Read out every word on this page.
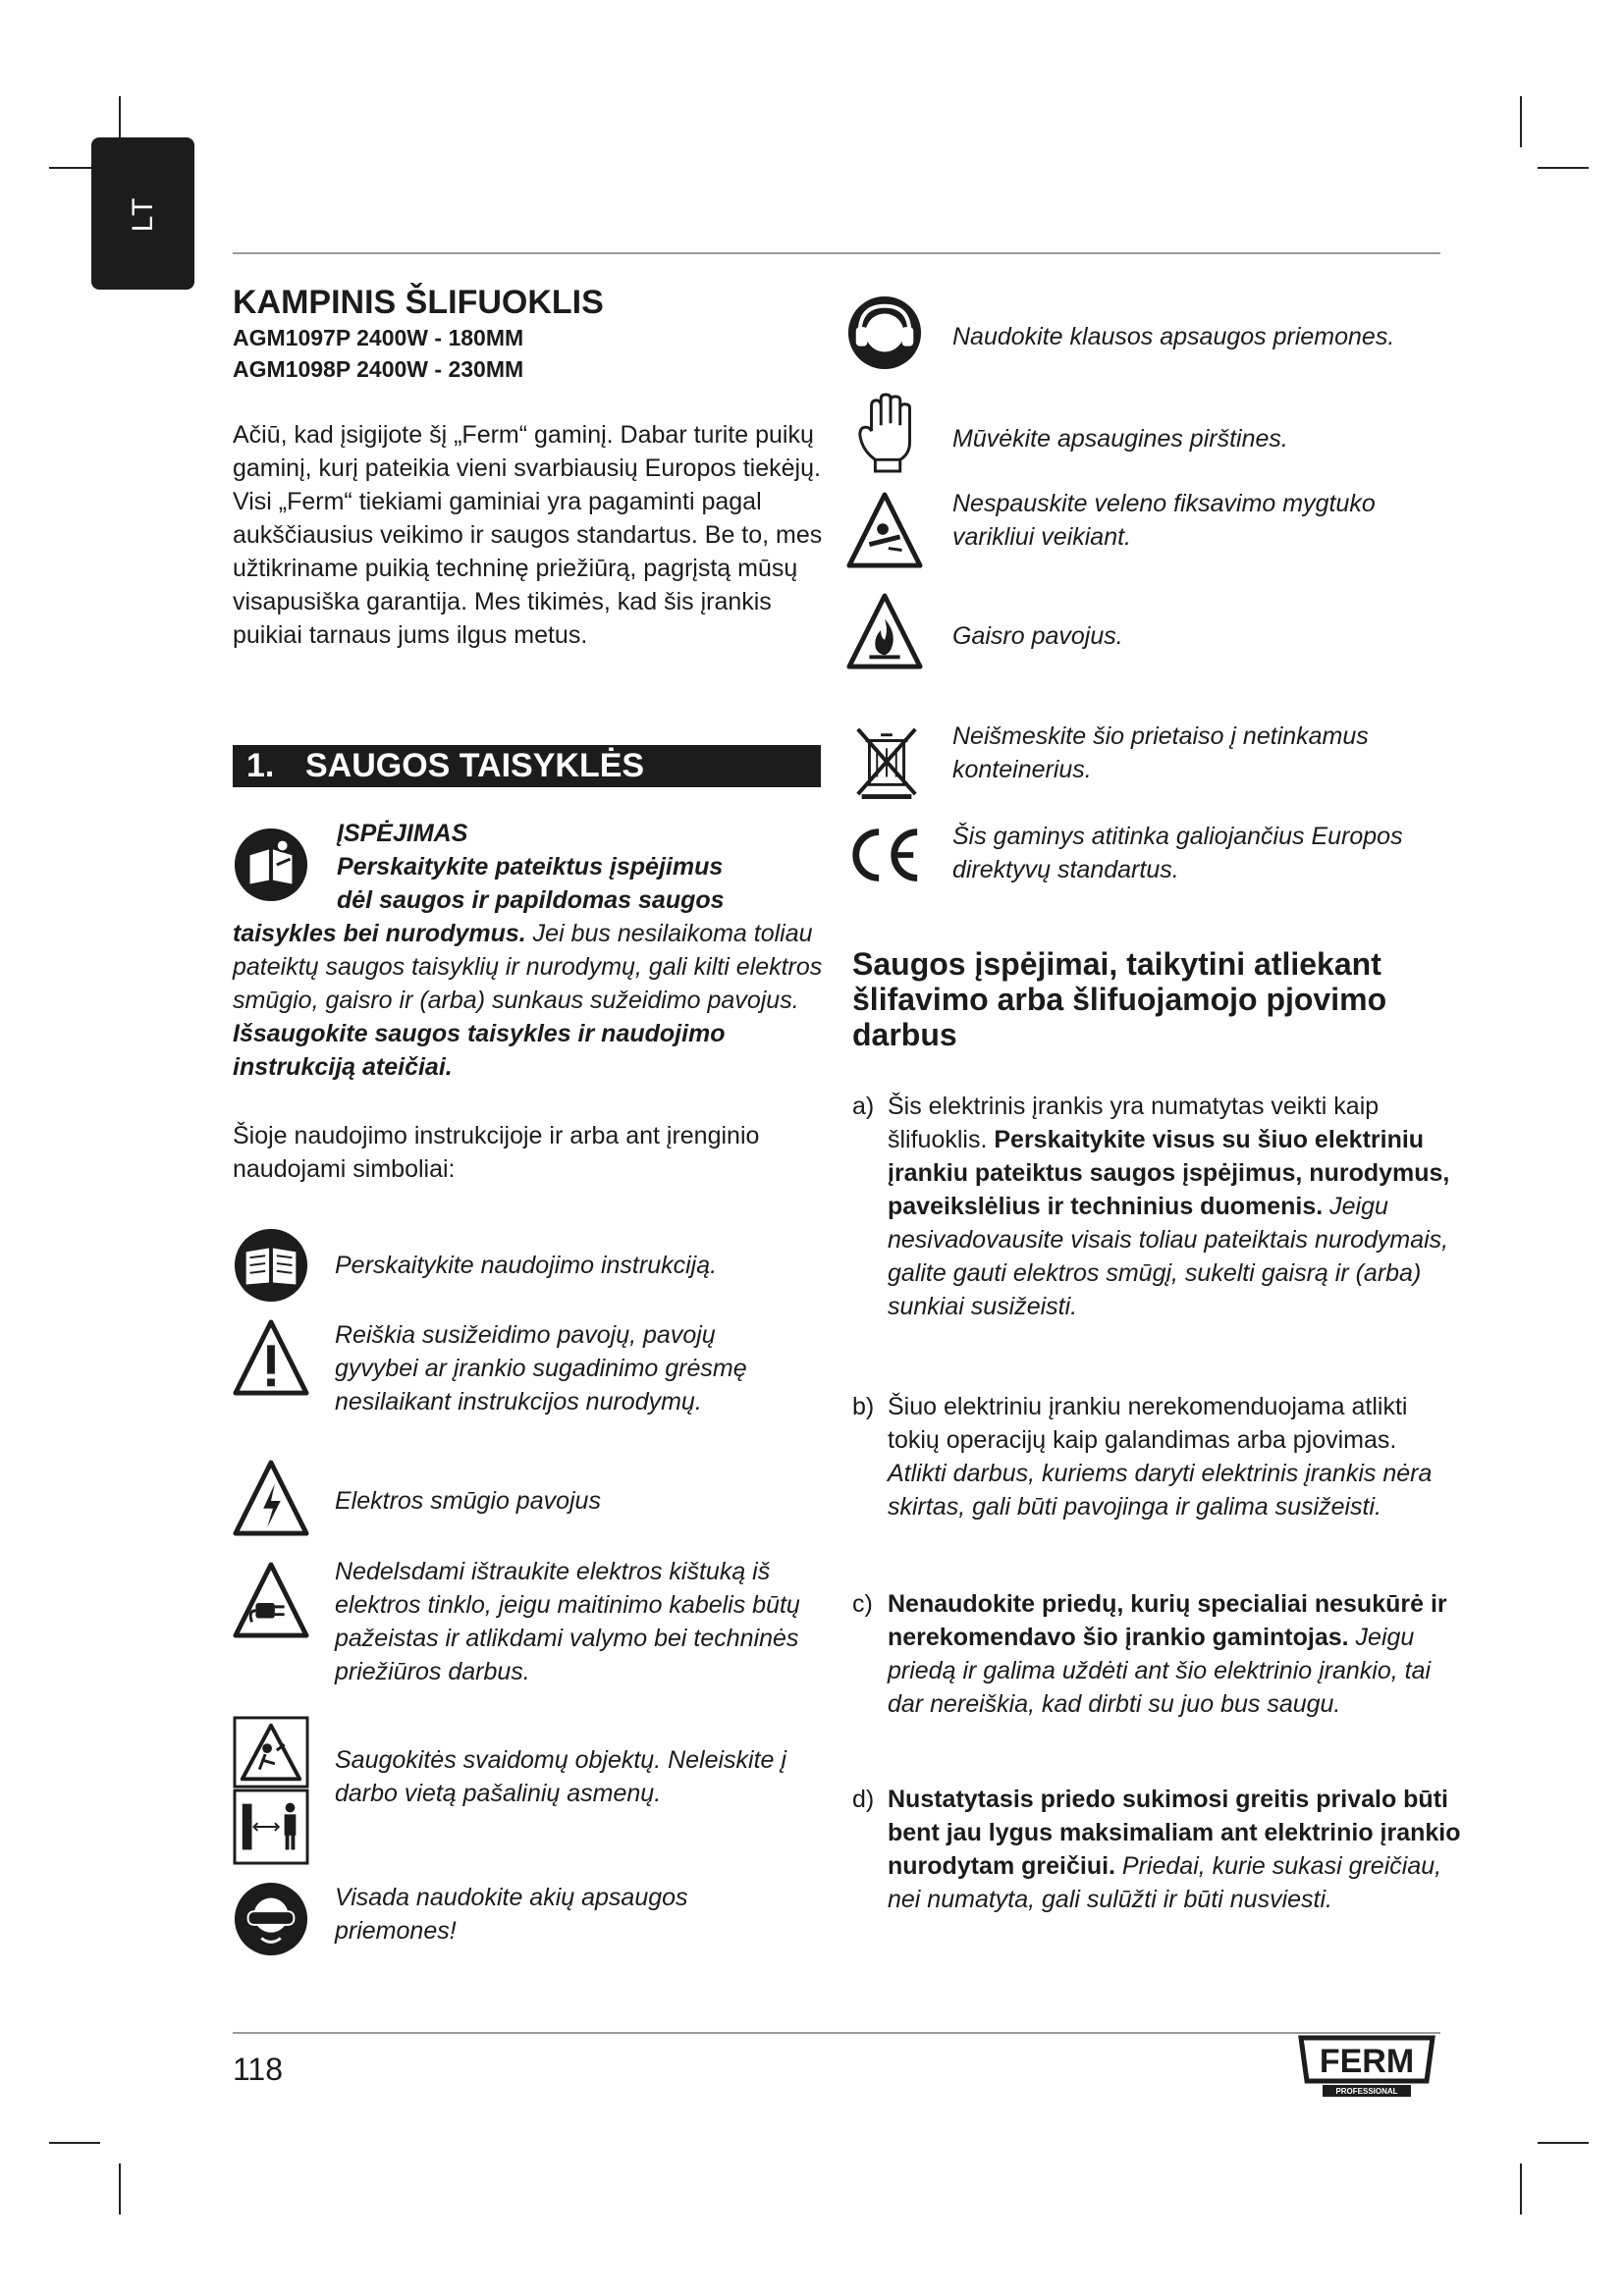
LT
KAMPINIS ŠLIFUOKLIS
AGM1097P 2400W - 180MM
AGM1098P 2400W - 230MM
Ačiū, kad įsigijote šį „Ferm“ gaminį. Dabar turite puikų gaminį, kurį pateikia vieni svarbiausių Europos tiekėjų. Visi „Ferm“ tiekiami gaminiai yra pagaminti pagal aukščiausius veikimo ir saugos standartus. Be to, mes užtikriname puikią techninę priežiūrą, pagrįstą mūsų visapusiška garantija. Mes tikimės, kad šis įrankis puikiai tarnaus jums ilgus metus.
1. SAUGOS TAISYKLĖS
ĮSPĖJIMAS
Perskaitykite pateiktus įspėjimus
dėl saugos ir papildomas saugos
taisykles bei nurodymus. Jei bus nesilaikoma toliau pateiktų saugos taisyklių ir nurodymų, gali kilti elektros smūgio, gaisro ir (arba) sunkaus sužeidimo pavojus. Išsaugokite saugos taisykles ir naudojimo instrukciją ateičiai.
Šioje naudojimo instrukcijoje ir arba ant įrenginio naudojami simboliai:
Perskaitykite naudojimo instrukciją.
Reiškia susižeidimo pavojų, pavojų gyvybei ar įrankio sugadinimo grėsmę nesilaikant instrukcijos nurodymų.
Elektros smūgio pavojus
Nedelsdami ištraukite elektros kištuką iš elektros tinklo, jeigu maitinimo kabelis būtų pažeistas ir atlikdami valymo bei techninės priežiūros darbus.
Saugokitės svaidomų objektų. Neleiskite į darbo vietą pašalinių asmenų.
Visada naudokite akių apsaugos priemones!
Naudokite klausos apsaugos priemones.
Mūvėkite apsaugines pirštines.
Nespauskite veleno fiksavimo mygtuko varikliui veikiant.
Gaisro pavojus.
Neišmeskite šio prietaiso į netinkamus konteinerius.
Šis gaminys atitinka galiojančius Europos direktyvų standartus.
Saugos įspėjimai, taikytini atliekant šlifavimo arba šlifuojamojo pjovimo darbus
a) Šis elektrinis įrankis yra numatytas veikti kaip šlifuoklis. Perskaitykite visus su šiuo elektriniu įrankiu pateiktus saugos įspėjimus, nurodymus, paveikslėlius ir techninius duomenis. Jeigu nesivadovausite visais toliau pateiktais nurodymais, galite gauti elektros smūgį, sukelti gaisrą ir (arba) sunkiai susižeisti.
b) Šiuo elektriniu įrankiu nerekomenduojama atlikti tokių operacijų kaip galandimas arba pjovimas. Atlikti darbus, kuriems daryti elektrinis įrankis nėra skirtas, gali būti pavojinga ir galima susižeisti.
c) Nenaudokite priedų, kurių specialiai nesukūrė ir nerekomendavo šio įrankio gamintojas. Jeigu priedą ir galima uždėti ant šio elektrinio įrankio, tai dar nereiškia, kad dirbti su juo bus saugu.
d) Nustatytasis priedo sukimosi greitis privalo būti bent jau lygus maksimaliam ant elektrinio įrankio nurodytam greičiui. Priedai, kurie sukasi greičiau, nei numatyta, gali sulūžti ir būti nusviesti.
118	FERM
PROFESSIONAL
